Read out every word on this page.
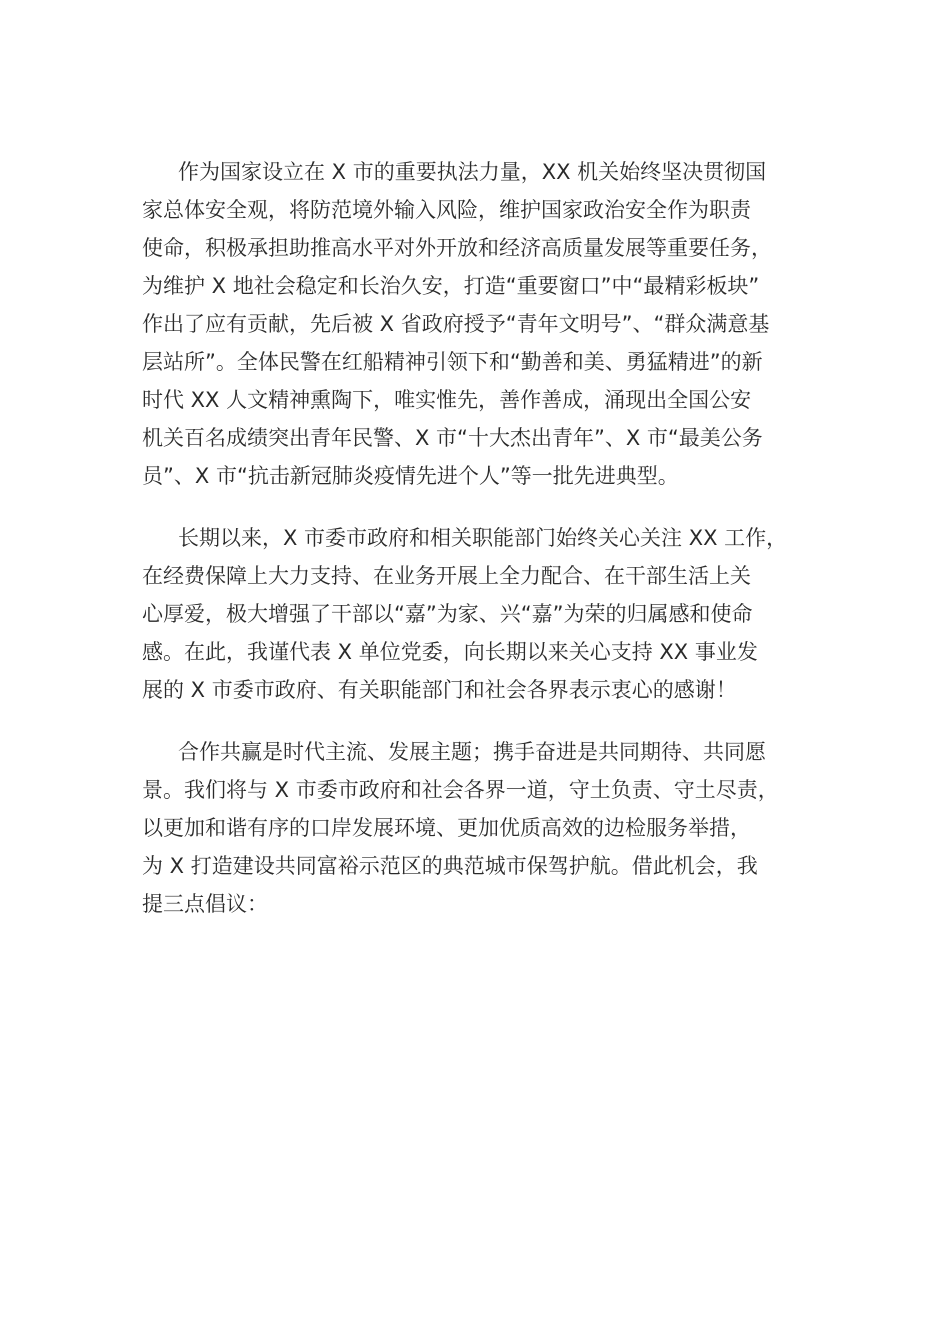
作为国家设立在 X 市的重要执法力量，XX 机关始终坚决贯彻国
家总体安全观，将防范境外输入风险，维护国家政治安全作为职责
使命，积极承担助推高水平对外开放和经济高质量发展等重要任务，
为维护 X 地社会稳定和长治久安，打造“重要窗口”中“最精彩板块”
作出了应有贡献，先后被 X 省政府授予“青年文明号”、“群众满意基
层站所”。全体民警在红船精神引领下和“勤善和美、勇猛精进”的新
时代 XX 人文精神熏陶下，唯实惟先，善作善成，涌现出全国公安
机关百名成绩突出青年民警、X 市“十大杰出青年”、X 市“最美公务
员”、X 市“抗击新冠肺炎疫情先进个人”等一批先进典型。

长期以来，X 市委市政府和相关职能部门始终关心关注 XX 工作，
在经费保障上大力支持、在业务开展上全力配合、在干部生活上关
心厚爱，极大增强了干部以“嘉”为家、兴“嘉”为荣的归属感和使命
感。在此，我谨代表 X 单位党委，向长期以来关心支持 XX 事业发
展的 X 市委市政府、有关职能部门和社会各界表示衷心的感谢！

合作共赢是时代主流、发展主题；携手奋进是共同期待、共同愿
景。我们将与 X 市委市政府和社会各界一道，守土负责、守土尽责，
以更加和谐有序的口岸发展环境、更加优质高效的边检服务举措，
为 X 打造建设共同富裕示范区的典范城市保驾护航。借此机会，我
提三点倡议：
